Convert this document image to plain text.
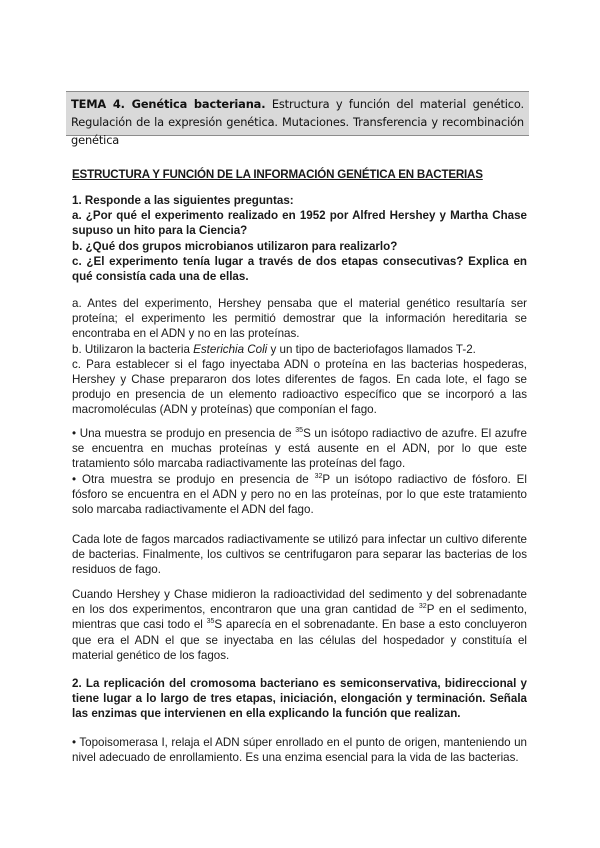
TEMA 4. Genética bacteriana. Estructura y función del material genético. Regulación de la expresión genética. Mutaciones. Transferencia y recombinación genética
ESTRUCTURA Y FUNCIÓN DE LA INFORMACIÓN GENÉTICA EN BACTERIAS

1. Responde a las siguientes preguntas:

a. ¿Por qué el experimento realizado en 1952 por Alfred Hershey y Martha Chase supuso un hito para la Ciencia?

b. ¿Qué dos grupos microbianos utilizaron para realizarlo?

c. ¿El experimento tenía lugar a través de dos etapas consecutivas? Explica en qué consistía cada una de ellas.

a. Antes del experimento, Hershey pensaba que el material genético resultaría ser proteína; el experimento les permitió demostrar que la información hereditaria se encontraba en el ADN y no en las proteínas.

b. Utilizaron la bacteria Esterichia Coli y un tipo de bacteriofagos llamados T-2.

c. Para establecer si el fago inyectaba ADN o proteína en las bacterias hospederas, Hershey y Chase prepararon dos lotes diferentes de fagos. En cada lote, el fago se produjo en presencia de un elemento radioactivo específico que se incorporó a las macromoléculas (ADN y proteínas) que componían el fago.

• Una muestra se produjo en presencia de $^{35}$S un isótopo radiactivo de azufre. El azufre se encuentra en muchas proteínas y está ausente en el ADN, por lo que este tratamiento sólo marcaba radiactivamente las proteínas del fago.

• Otra muestra se produjo en presencia de $^{32}$P un isótopo radiactivo de fósforo. El fósforo se encuentra en el ADN y pero no en las proteínas, por lo que este tratamiento solo marcaba radiactivamente el ADN del fago.

Cada lote de fagos marcados radiactivamente se utilizó para infectar un cultivo diferente de bacterias. Finalmente, los cultivos se centrifugaron para separar las bacterias de los residuos de fago.

Cuando Hershey y Chase midieron la radioactividad del sedimento y del sobrenadante en los dos experimentos, encontraron que una gran cantidad de $^{32}$P en el sedimento, mientras que casi todo el $^{35}$S aparecía en el sobrenadante. En base a esto concluyeron que era el ADN el que se inyectaba en las células del hospedador y constituía el material genético de los fagos.

2. La replicación del cromosoma bacteriano es semiconservativa, bidireccional y tiene lugar a lo largo de tres etapas, iniciación, elongación y terminación. Señala las enzimas que intervienen en ella explicando la función que realizan.

• Topoisomerasa I, relaja el ADN súper enrollado en el punto de origen, manteniendo un nivel adecuado de enrollamiento. Es una enzima esencial para la vida de las bacterias.
